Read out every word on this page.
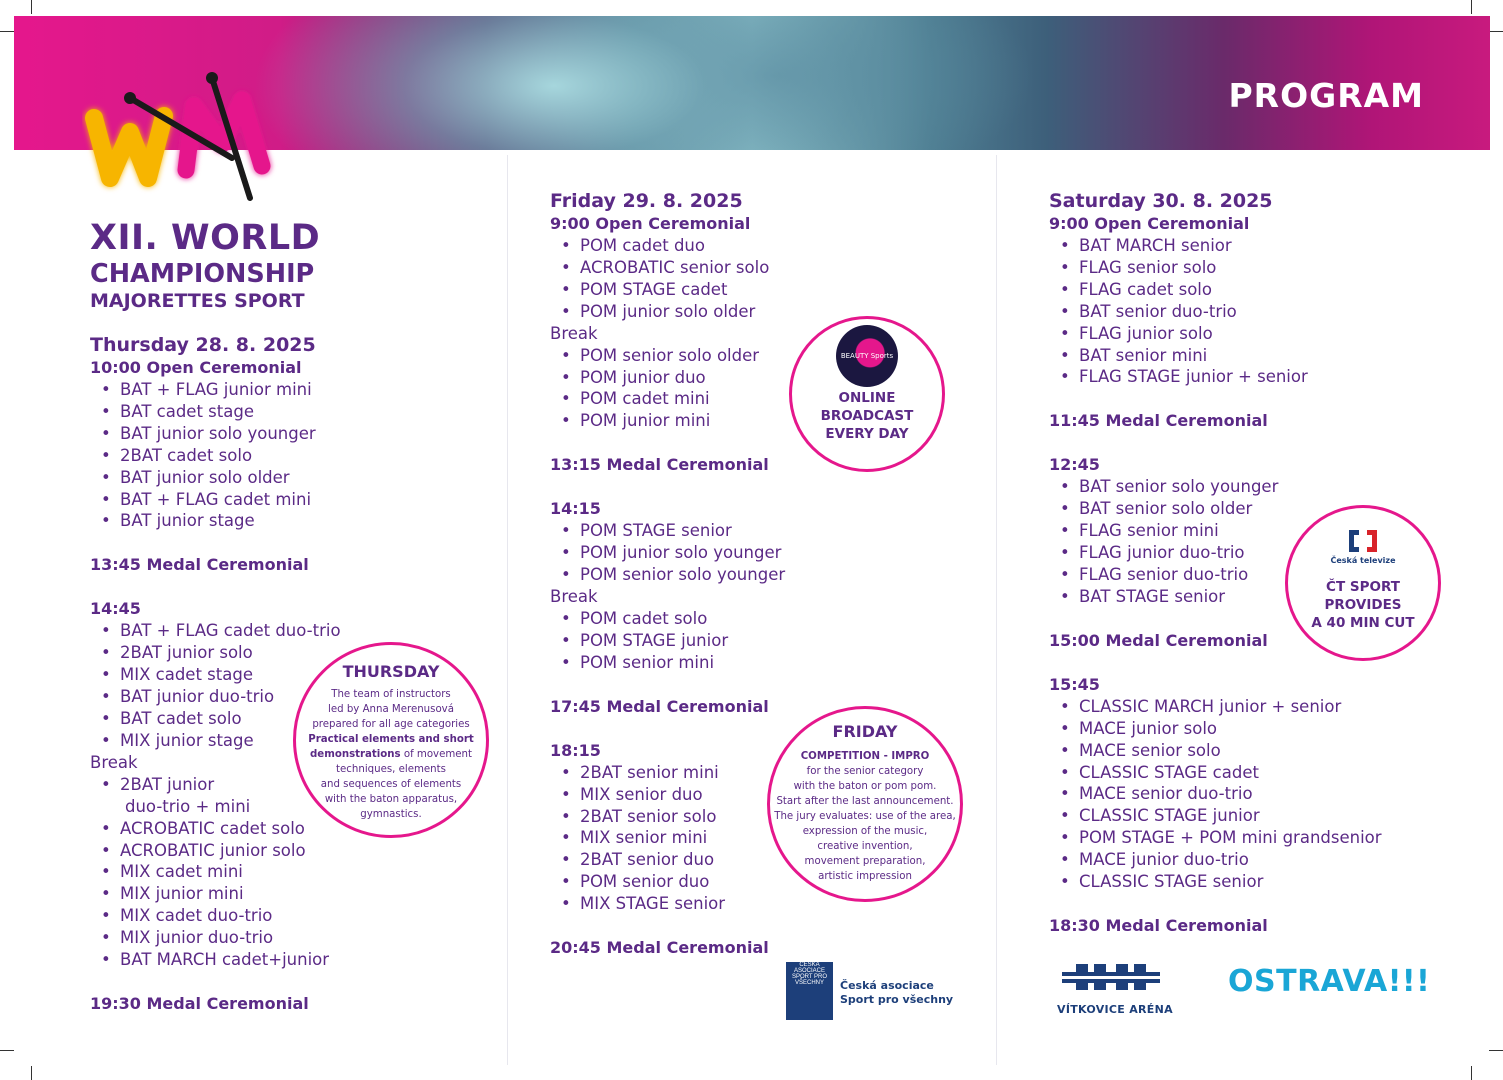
PROGRAM
XII. WORLD
CHAMPIONSHIP
MAJORETTES SPORT
Thursday 28. 8. 2025
10:00 Open Ceremonial
• BAT + FLAG junior mini
• BAT cadet stage
• BAT junior solo younger
• 2BAT cadet solo
• BAT junior solo older
• BAT + FLAG cadet mini
• BAT junior stage
13:45 Medal Ceremonial
14:45
• BAT + FLAG cadet duo-trio
• 2BAT junior solo
• MIX cadet stage
• BAT junior duo-trio
• BAT cadet solo
• MIX junior stage
Break
• 2BAT junior
duo-trio + mini
• ACROBATIC cadet solo
• ACROBATIC junior solo
• MIX cadet mini
• MIX junior mini
• MIX cadet duo-trio
• MIX junior duo-trio
• BAT MARCH cadet+junior
19:30 Medal Ceremonial
THURSDAY
The team of instructors
led by Anna Merenusová
prepared for all age categories
Practical elements and short
demonstrations of movement
techniques, elements
and sequences of elements
with the baton apparatus,
gymnastics.
Friday 29. 8. 2025
9:00 Open Ceremonial
• POM cadet duo
• ACROBATIC senior solo
• POM STAGE cadet
• POM junior solo older
Break
• POM senior solo older
• POM junior duo
• POM cadet mini
• POM junior mini
13:15 Medal Ceremonial
14:15
• POM STAGE senior
• POM junior solo younger
• POM senior solo younger
Break
• POM cadet solo
• POM STAGE junior
• POM senior mini
17:45 Medal Ceremonial
18:15
• 2BAT senior mini
• MIX senior duo
• 2BAT senior solo
• MIX senior mini
• 2BAT senior duo
• POM senior duo
• MIX STAGE senior
20:45 Medal Ceremonial
BEAUTY Sports
ONLINE
BROADCAST
EVERY DAY
FRIDAY
COMPETITION - IMPRO
for the senior category
with the baton or pom pom.
Start after the last announcement.
The jury evaluates: use of the area,
expression of the music,
creative invention,
movement preparation,
artistic impression
Saturday 30. 8. 2025
9:00 Open Ceremonial
• BAT MARCH senior
• FLAG senior solo
• FLAG cadet solo
• BAT senior duo-trio
• FLAG junior solo
• BAT senior mini
• FLAG STAGE junior + senior
11:45 Medal Ceremonial
12:45
• BAT senior solo younger
• BAT senior solo older
• FLAG senior mini
• FLAG junior duo-trio
• FLAG senior duo-trio
• BAT STAGE senior
15:00 Medal Ceremonial
15:45
• CLASSIC MARCH junior + senior
• MACE junior solo
• MACE senior solo
• CLASSIC STAGE cadet
• MACE senior duo-trio
• CLASSIC STAGE junior
• POM STAGE + POM mini grandsenior
• MACE junior duo-trio
• CLASSIC STAGE senior
18:30 Medal Ceremonial
Česká televize
ČT SPORT
PROVIDES
A 40 MIN CUT
ČESKÁ ASOCIACE SPORT PRO VŠECHNY	Česká asociace
Sport pro všechny
VÍTKOVICE ARÉNA
OSTRAVA!!!
